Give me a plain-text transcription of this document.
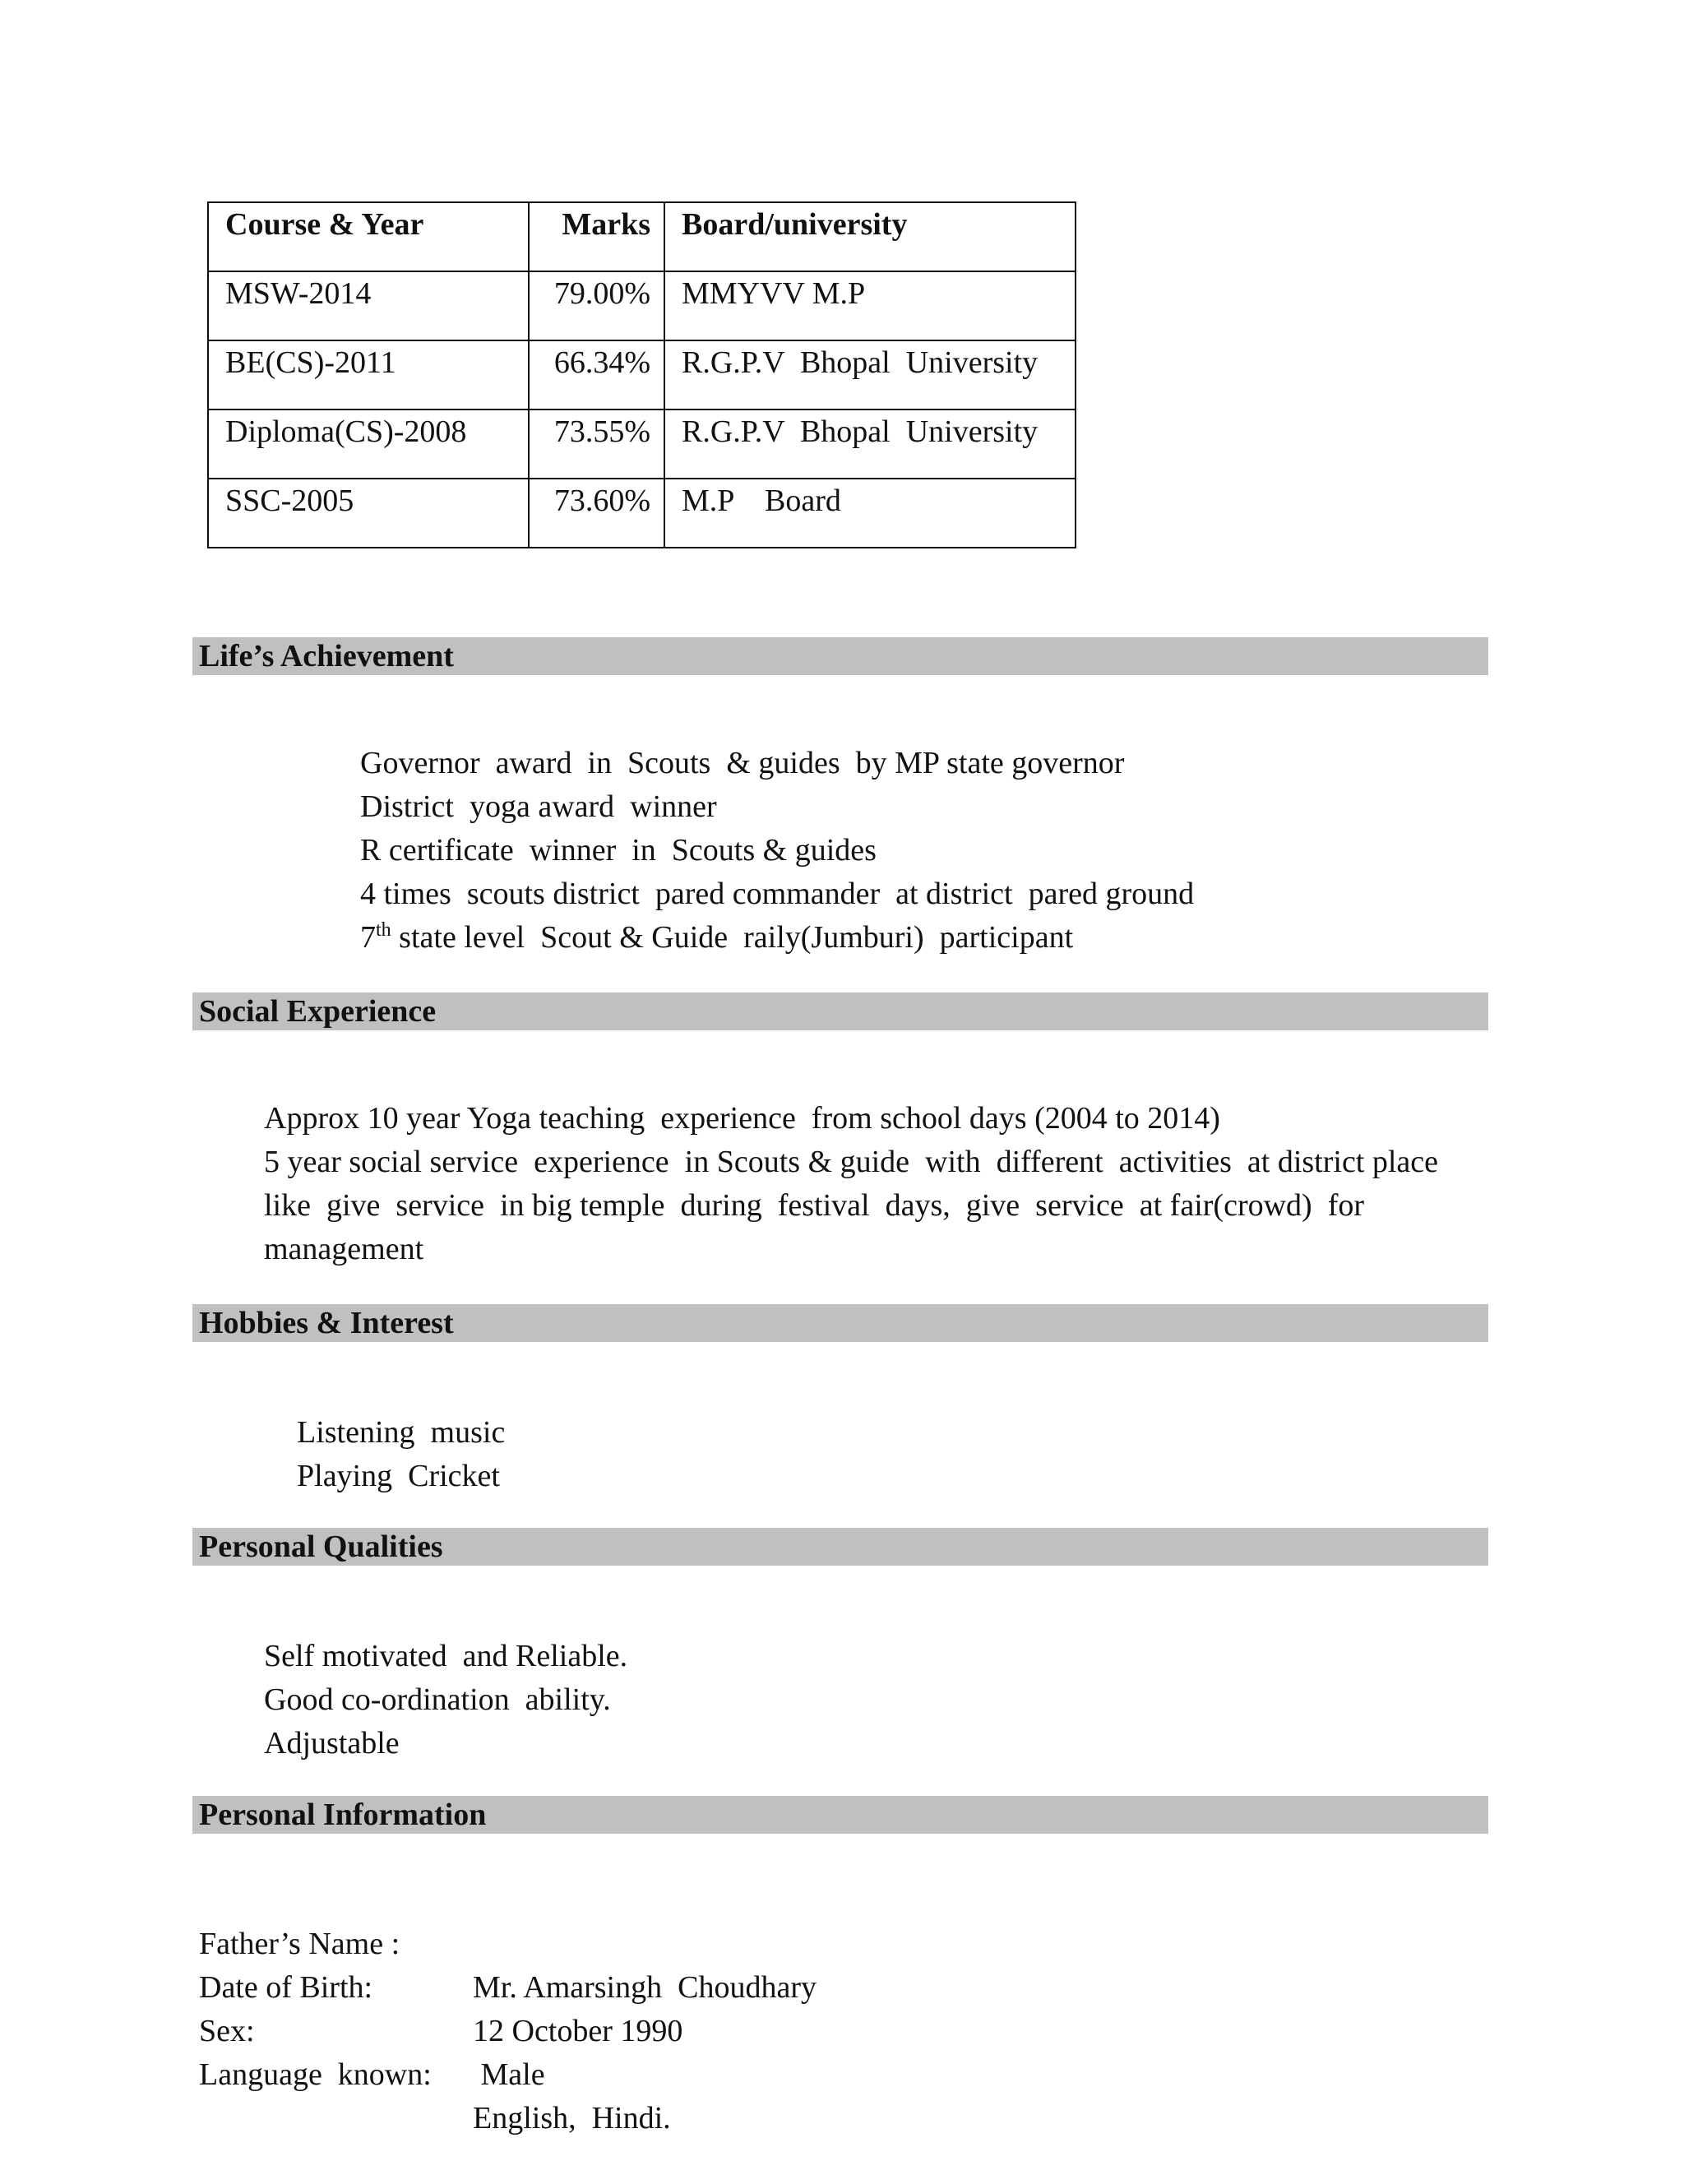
Course & Year	Marks	Board/university
MSW-2014	79.00%	MMYVV M.P
BE(CS)-2011	66.34%	R.G.P.V  Bhopal  University
Diploma(CS)-2008	73.55%	R.G.P.V  Bhopal  University
SSC-2005	73.60%	M.P    Board
Life’s Achievement
Governor  award  in  Scouts  & guides  by MP state governor
District  yoga award  winner
R certificate  winner  in  Scouts & guides
4 times  scouts district  pared commander  at district  pared ground
7th state level  Scout & Guide  raily(Jumburi)  participant
Social Experience
Approx 10 year Yoga teaching  experience  from school days (2004 to 2014)
5 year social service  experience  in Scouts & guide  with  different  activities  at district place
like  give  service  in big temple  during  festival  days,  give  service  at fair(crowd)  for
management
Hobbies & Interest
Listening  music
Playing  Cricket
Personal Qualities
Self motivated  and Reliable.
Good co-ordination  ability.
Adjustable
Personal Information

Father’s Name :

Mr. Amarsingh  Choudhary

Date of Birth:

12 October 1990

Sex:

Male

Language  known:

English,  Hindi.
